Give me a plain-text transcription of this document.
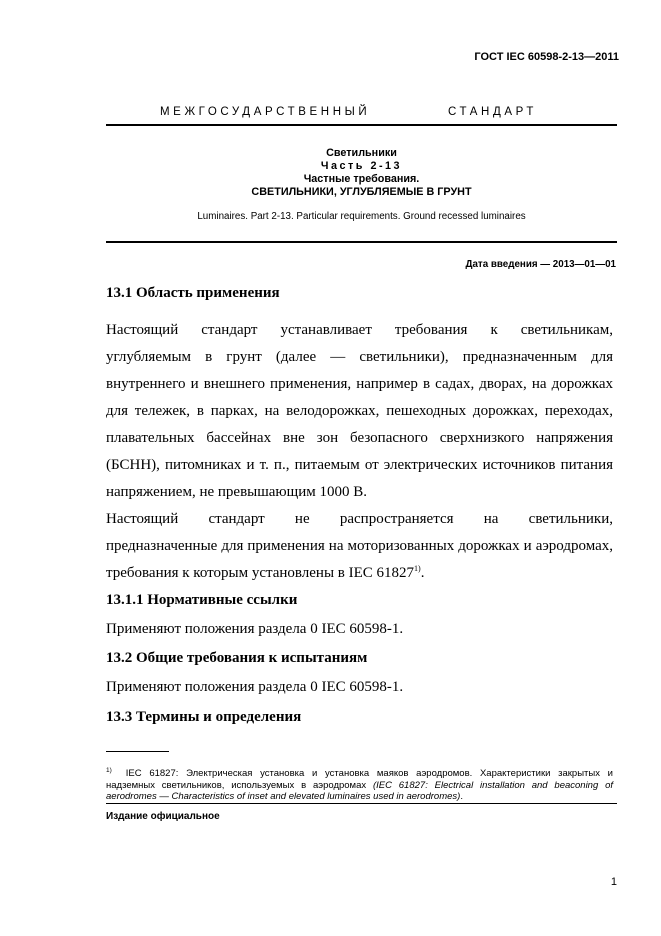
ГОСТ IEC 60598-2-13—2011
МЕЖГОСУДАРСТВЕННЫЙ	СТАНДАРТ
Светильники
Часть 2-13
Частные требования.
СВЕТИЛЬНИКИ, УГЛУБЛЯЕМЫЕ В ГРУНТ
Luminaires. Part 2-13. Particular requirements. Ground recessed luminaires
Дата введения — 2013—01—01
13.1 Область применения
Настоящий стандарт устанавливает требования к светильникам,
углубляемым в грунт (далее — светильники), предназначенным для
внутреннего и внешнего применения, например в садах, дворах, на дорожках
для тележек, в парках, на велодорожках, пешеходных дорожках, переходах,
плавательных бассейнах вне зон безопасного сверхнизкого напряжения
(БСНН), питомниках и т. п., питаемым от электрических источников питания
напряжением, не превышающим 1000 В.
Настоящий стандарт не распространяется на светильники,
предназначенные для применения на моторизованных дорожках и аэродромах,
требования к которым установлены в IEC 61827$^{1)}$.
13.1.1 Нормативные ссылки
Применяют положения раздела 0 IEC 60598-1.
13.2 Общие требования к испытаниям
Применяют положения раздела 0 IEC 60598-1.
13.3 Термины и определения
$^{1)}$ IEC 61827: Электрическая установка и установка маяков аэродромов. Характеристики закрытых и надземных светильников, используемых в аэродромах (IEC 61827: Electrical installation and beaconing of aerodromes — Characteristics of inset and elevated luminaires used in aerodromes).
Издание официальное
1
